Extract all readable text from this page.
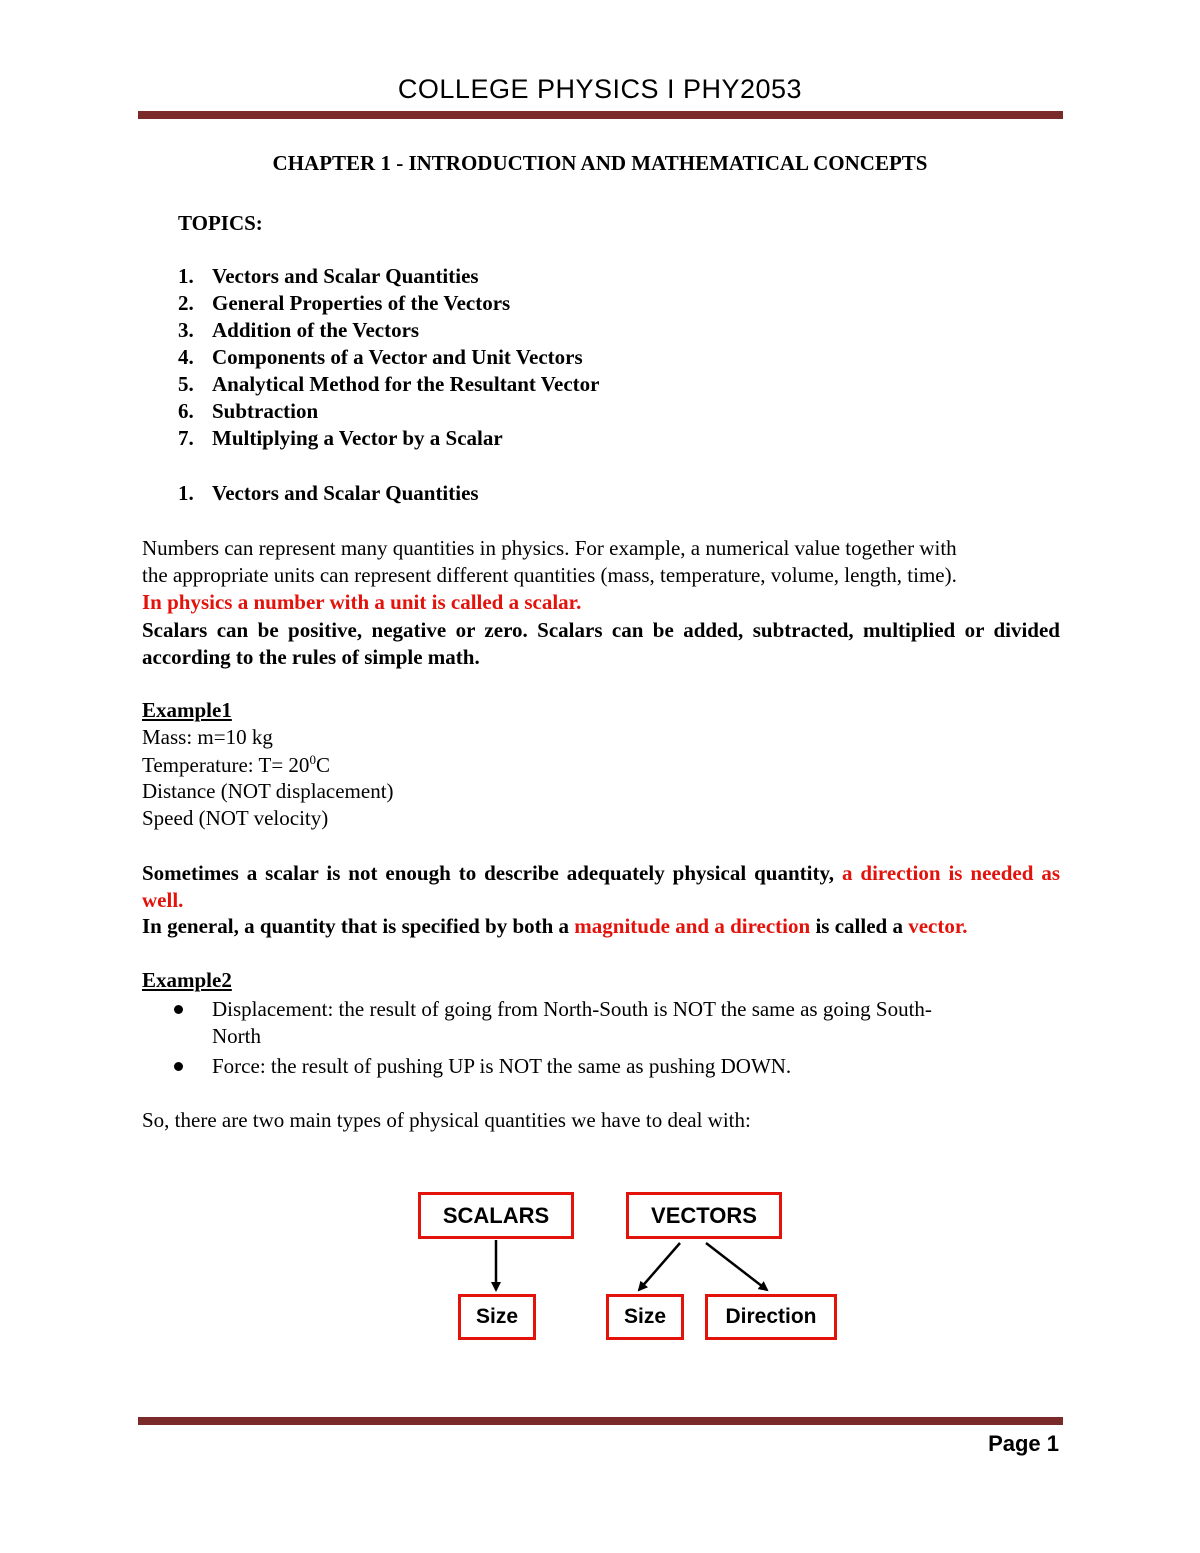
COLLEGE PHYSICS I PHY2053
CHAPTER 1 - INTRODUCTION AND MATHEMATICAL CONCEPTS
TOPICS:
1. Vectors and Scalar Quantities
2. General Properties of the Vectors
3. Addition of the Vectors
4. Components of a Vector and Unit Vectors
5. Analytical Method for the Resultant Vector
6. Subtraction
7. Multiplying a Vector by a Scalar
1. Vectors and Scalar Quantities
Numbers can represent many quantities in physics. For example, a numerical value together with
the appropriate units can represent different quantities (mass, temperature, volume, length, time).
In physics a number with a unit is called a scalar.
Scalars can be positive, negative or zero. Scalars can be added, subtracted, multiplied or divided according to the rules of simple math.
Example1
Mass: m=10 kg
Temperature: $T= 20^0C$
Distance (NOT displacement)
Speed (NOT velocity)
Sometimes a scalar is not enough to describe adequately physical quantity, a direction is needed as well.
In general, a quantity that is specified by both a magnitude and a direction is called a vector.
Example2
Displacement: the result of going from North-South is NOT the same as going South-
North
Force: the result of pushing UP is NOT the same as pushing DOWN.
So, there are two main types of physical quantities we have to deal with:
SCALARS	VECTORS
Size	Size	Direction
Page 1
